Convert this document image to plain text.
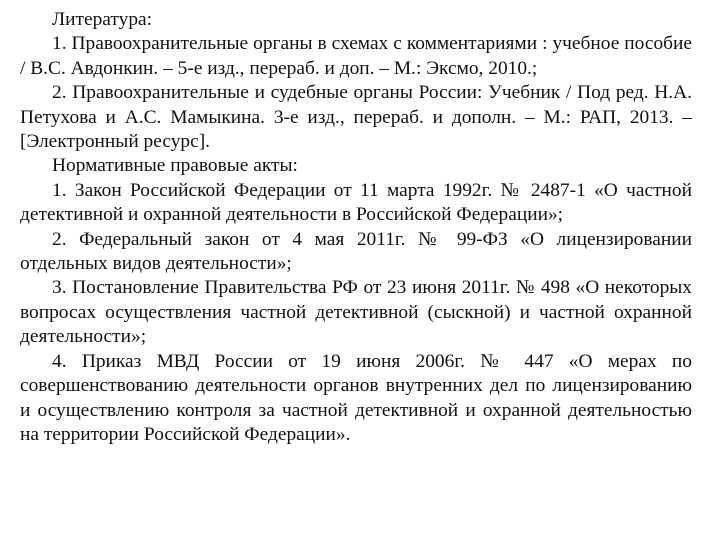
Литература:

1. Правоохранительные органы в схемах с комментариями : учебное пособие / В.С. Авдонкин. – 5-е изд., перераб. и доп. – М.: Эксмо, 2010.;

2. Правоохранительные и судебные органы России: Учебник / Под ред. Н.А. Петухова и А.С. Мамыкина. 3-е изд., перераб. и дополн. – М.: РАП, 2013. – [Электронный ресурс].

Нормативные правовые акты:

1. Закон Российской Федерации от 11 марта 1992г. № 2487-1 «О частной детективной и охранной деятельности в Российской Федерации»;

2. Федеральный закон от 4 мая 2011г. № 99-ФЗ «О лицензировании отдельных видов деятельности»;

3. Постановление Правительства РФ от 23 июня 2011г. № 498 «О некоторых вопросах осуществления частной детективной (сыскной) и частной охранной деятельности»;

4. Приказ МВД России от 19 июня 2006г. № 447 «О мерах по совершенствованию деятельности органов внутренних дел по лицензированию и осуществлению контроля за частной детективной и охранной деятельностью на территории Российской Федерации».
